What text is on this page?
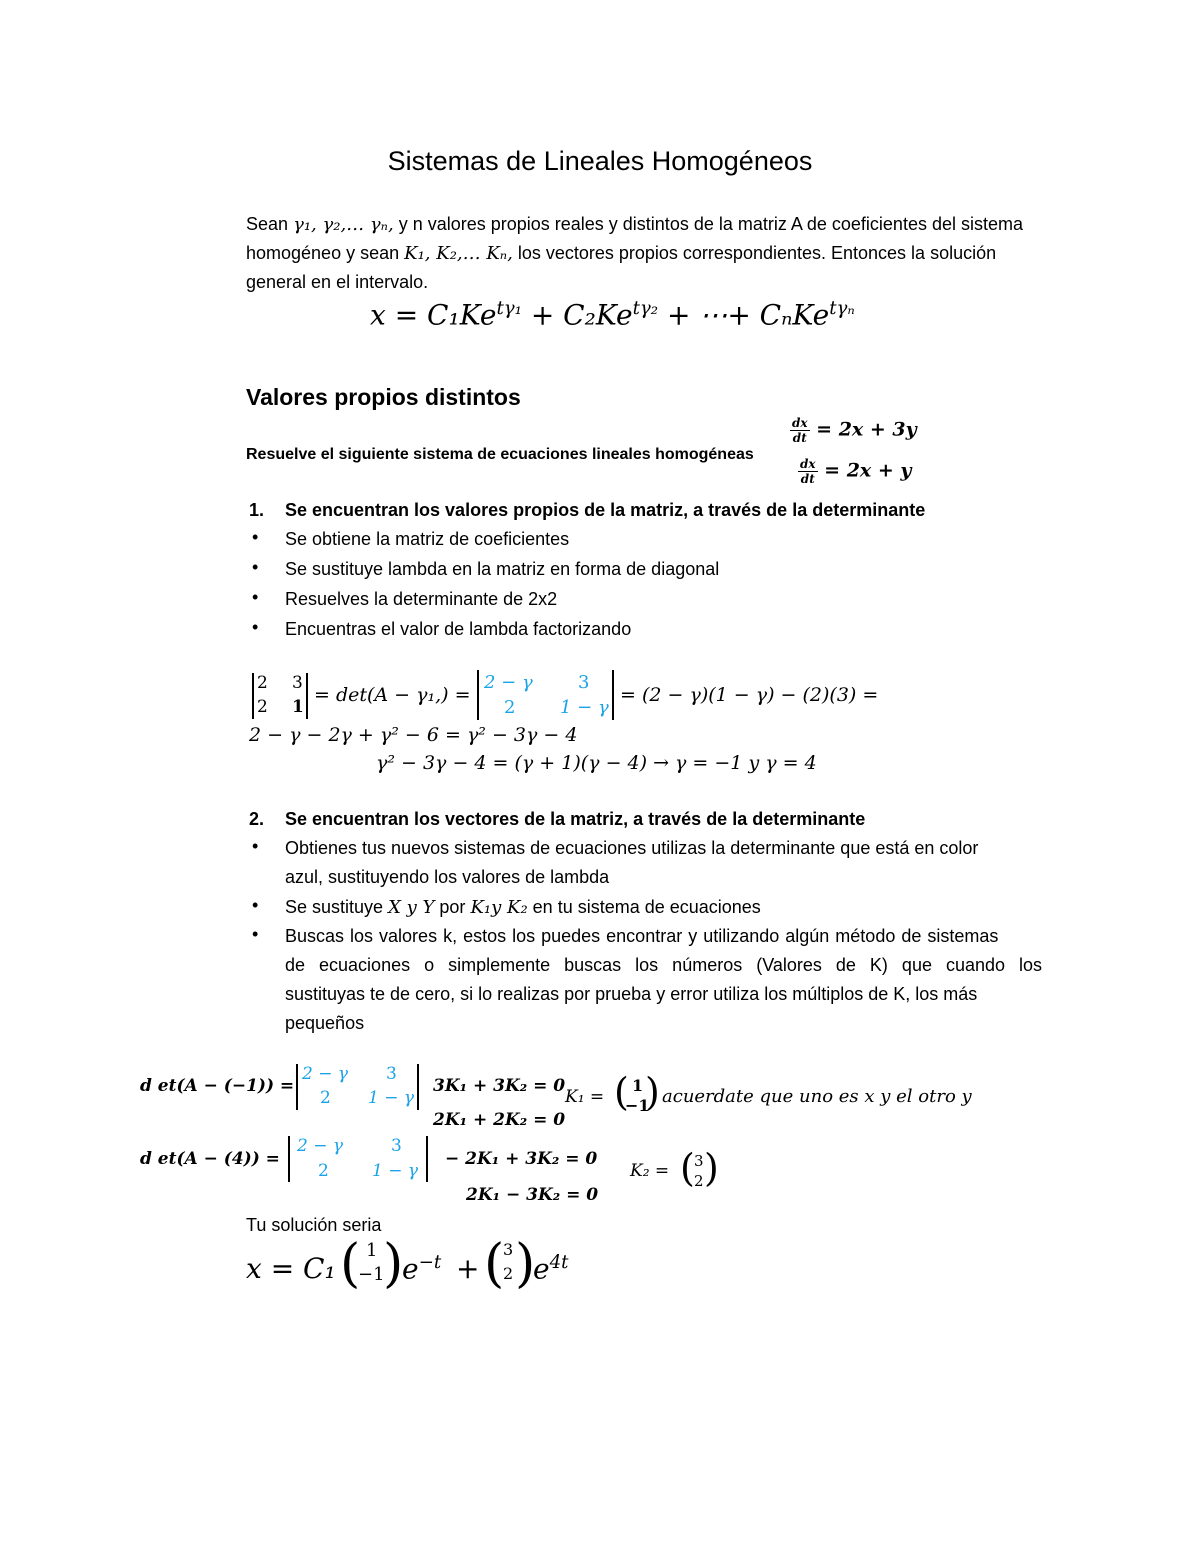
Sistemas de Lineales Homogéneos
Sean γ₁, γ₂,… γₙ, y n valores propios reales y distintos de la matriz A de coeficientes del sistema
homogéneo y sean K₁, K₂,… Kₙ, los vectores propios correspondientes. Entonces la solución
general en el intervalo.
$x = C_1Ke^{t\gamma_1} + C_2Ke^{t\gamma_2}$ + ⋯+ CₙKe$^{t\gamma_n}$
Valores propios distintos
Resuelve el siguiente sistema de ecuaciones lineales homogéneas
$\frac{dx}{dt} = 2x + 3y$
$\frac{dx}{dt} = 2x + y$
1. Se encuentran los valores propios de la matriz, a través de la determinante
• Se obtiene la matriz de coeficientes
• Se sustituye lambda en la matriz en forma de diagonal
• Resuelves la determinante de 2x2
• Encuentras el valor de lambda factorizando
2 3
2 1
= det(A − γ₁,) =
2 − γ	3
2 1 − γ
= (2 − γ)(1 − γ) − (2)(3) =
2 − γ − 2γ + γ² − 6 = γ² − 3γ − 4
γ² − 3γ − 4 = (γ + 1)(γ − 4) → γ = −1 y γ = 4
2. Se encuentran los vectores de la matriz, a través de la determinante
• Obtienes tus nuevos sistemas de ecuaciones utilizas la determinante que está en color
azul, sustituyendo los valores de lambda
• Se sustituye X y Y por K₁y K₂ en tu sistema de ecuaciones
• Buscas los valores k, estos los puedes encontrar y utilizando algún método de sistemas
de ecuaciones o simplemente buscas los números (Valores de K) que cuando los
sustituyas te de cero, si lo realizas por prueba y error utiliza los múltiplos de K, los más
pequeños
d et(A − (−1)) =
2 − γ 3
2 1 − γ
3K₁ + 3K₂ = 0
2K₁ + 2K₂ = 0
K₁ = ( 1
−1
) acuerdate que uno es x y el otro y
d et(A − (4)) =
2 − γ	3
2	1 − γ
− 2K₁ + 3K₂ = 0
2K₁ − 3K₂ = 0
K₂ = ( 3
2 )
Tu solución seria
x = C₁ ( 1
−1
)
$e^{-t}$ + (
3
2 )
$e^{4t}$
